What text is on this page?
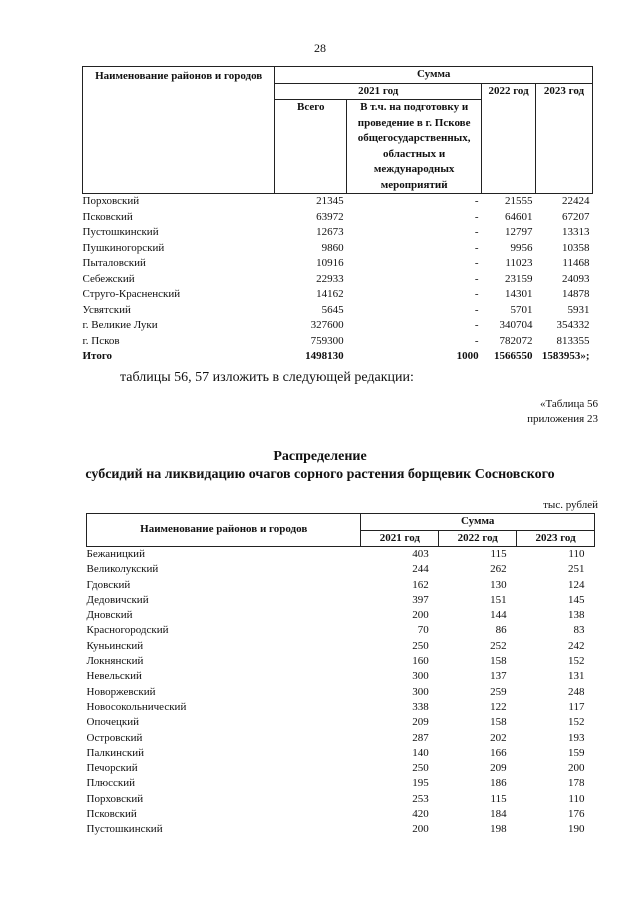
28
Наименование районов и городов	Сумма			
	2021 год		2022 год	2023 год
	Всего	В т.ч. на подготовку и проведение в г. Пскове общегосударственных, областных и международных мероприятий		
Порховский	21345	-	21555	22424
Псковский	63972	-	64601	67207
Пустошкинский	12673	-	12797	13313
Пушкиногорский	9860	-	9956	10358
Пыталовский	10916	-	11023	11468
Себежский	22933	-	23159	24093
Струго-Красненский	14162	-	14301	14878
Усвятский	5645	-	5701	5931
г. Великие Луки	327600	-	340704	354332
г. Псков	759300	-	782072	813355
Итого	1498130	1000	1566550	1583953»;
таблицы 56, 57 изложить в следующей редакции:
«Таблица 56
приложения 23
Распределение
субсидий на ликвидацию очагов сорного растения борщевик Сосновского
тыс. рублей
Наименование районов и городов	Сумма		
	2021 год	2022 год	2023 год
Бежаницкий	403	115	110
Великолукский	244	262	251
Гдовский	162	130	124
Дедовичский	397	151	145
Дновский	200	144	138
Красногородский	70	86	83
Куньинский	250	252	242
Локнянский	160	158	152
Невельский	300	137	131
Новоржевский	300	259	248
Новосокольнический	338	122	117
Опочецкий	209	158	152
Островский	287	202	193
Палкинский	140	166	159
Печорский	250	209	200
Плюсский	195	186	178
Порховский	253	115	110
Псковский	420	184	176
Пустошкинский	200	198	190
